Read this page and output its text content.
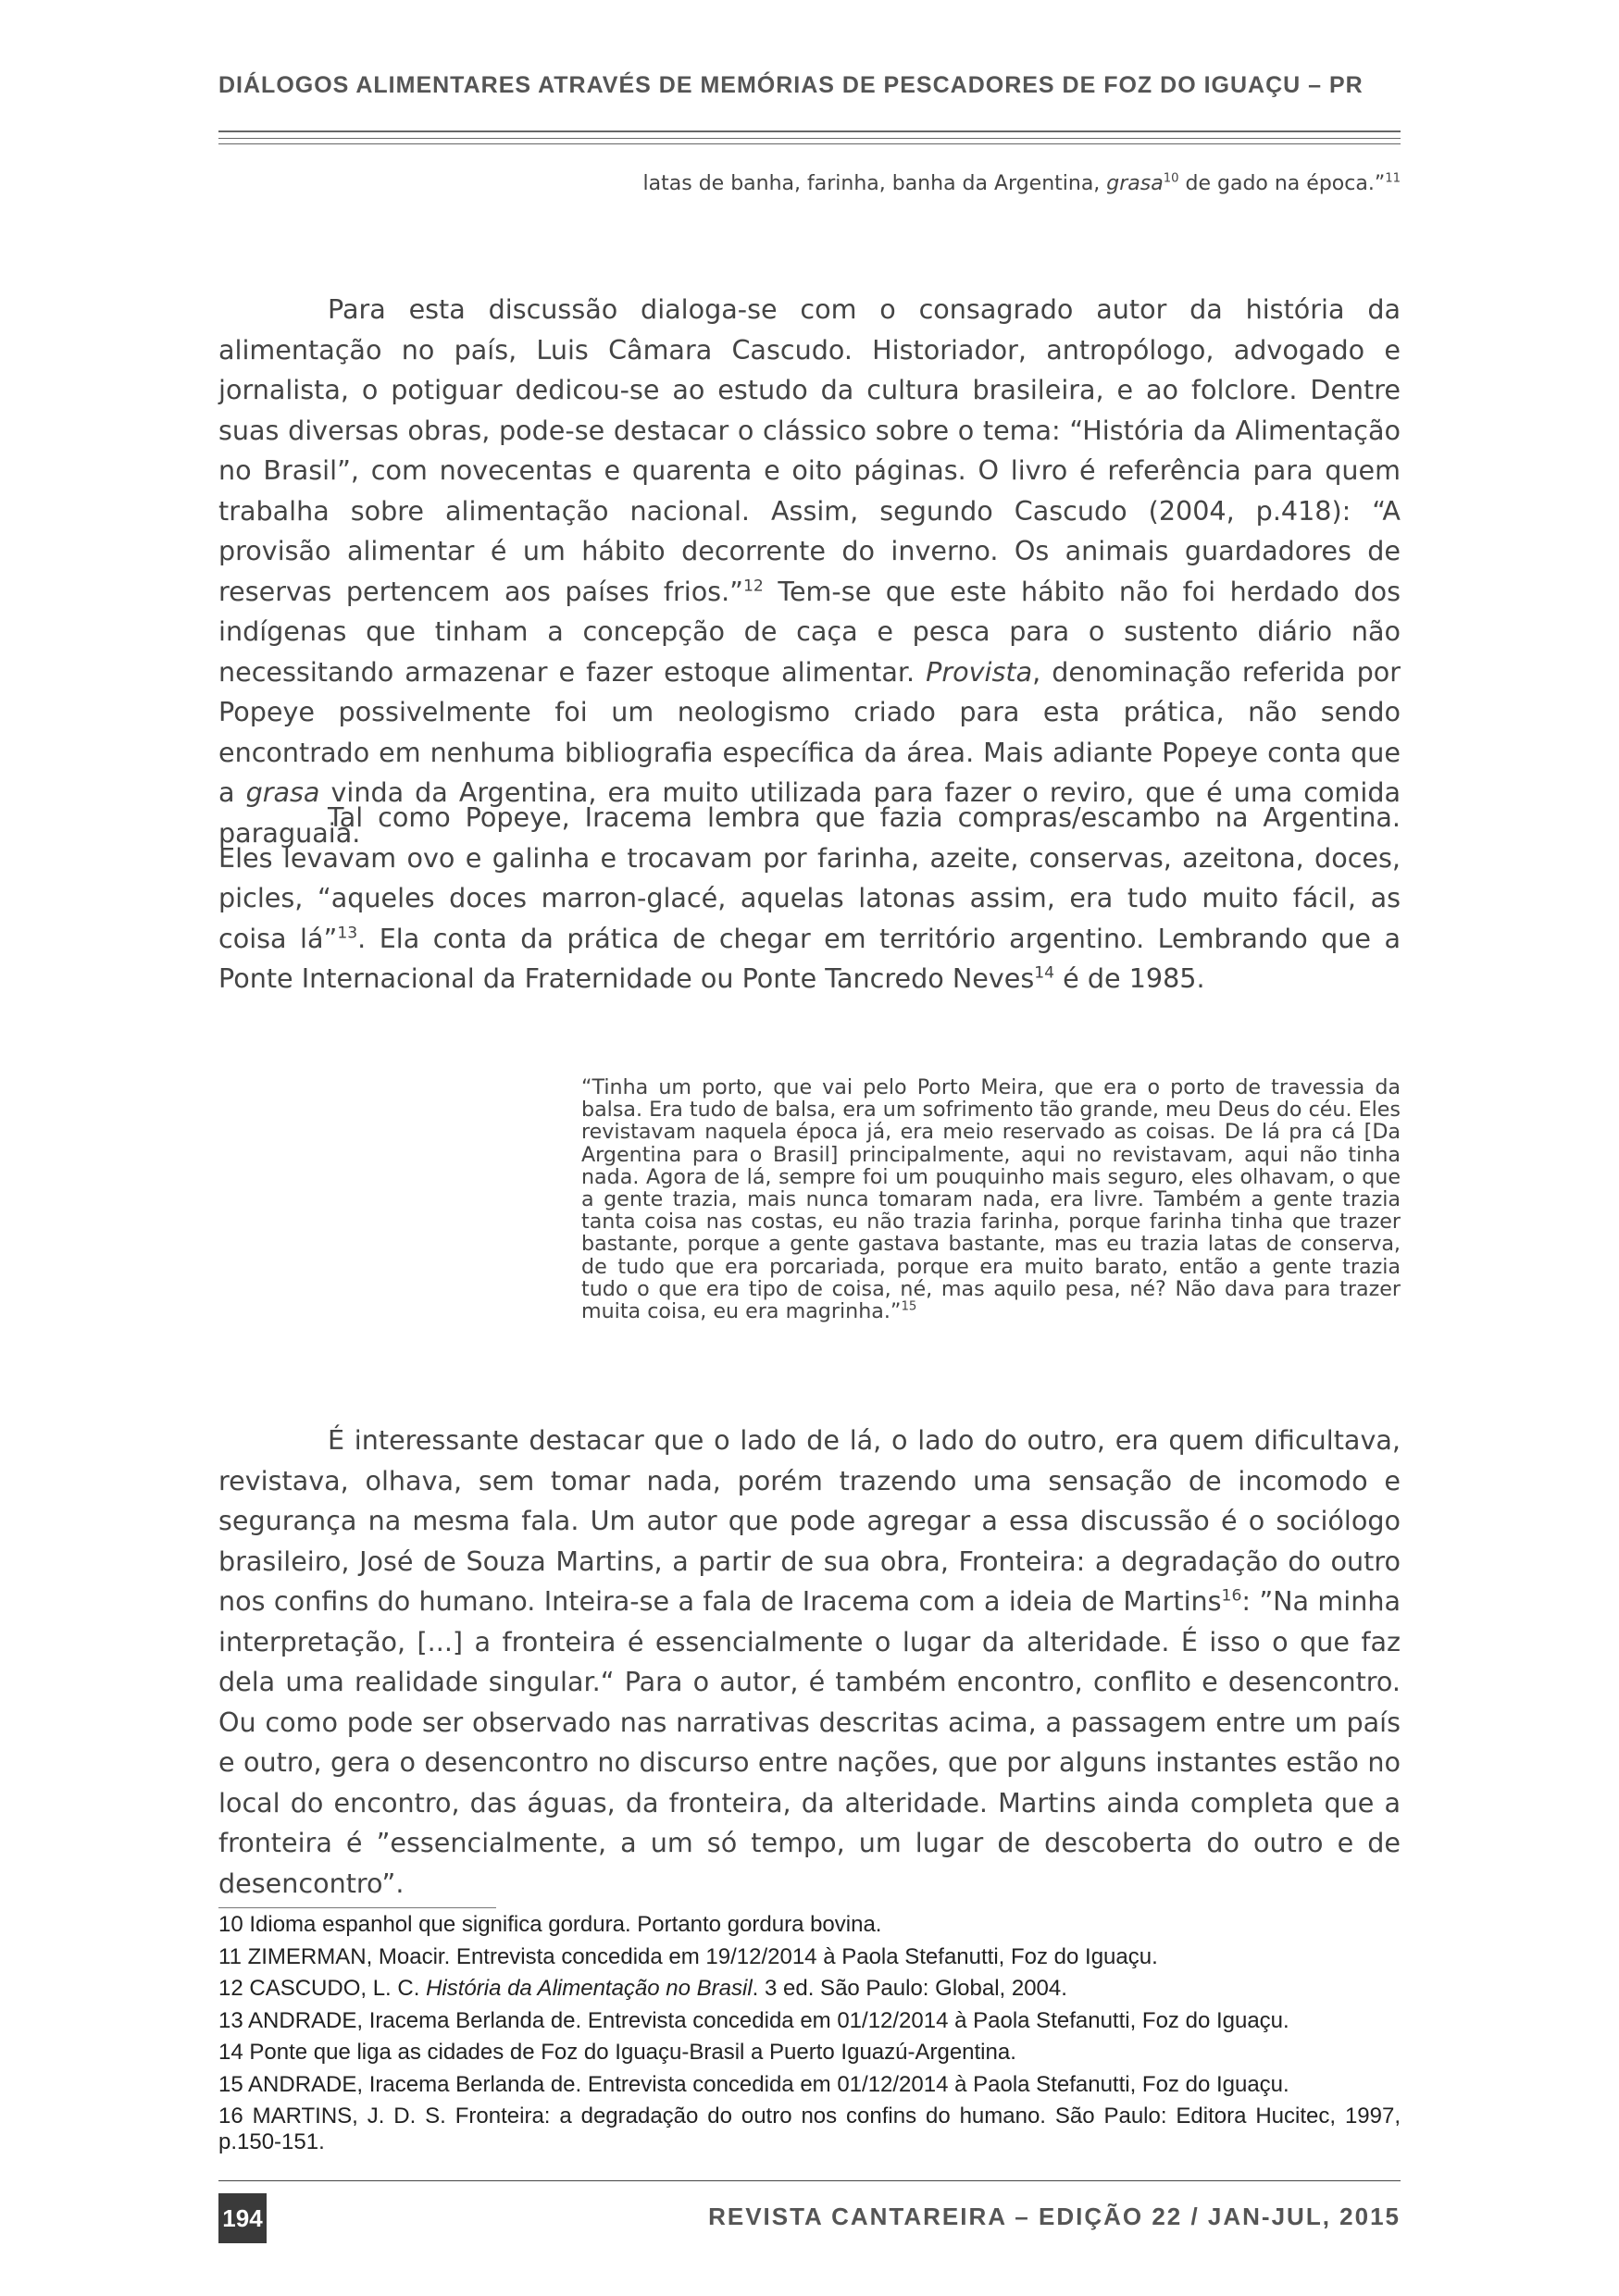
DIÁLOGOS ALIMENTARES ATRAVÉS DE MEMÓRIAS DE PESCADORES DE FOZ DO IGUAÇU – PR
latas de banha, farinha, banha da Argentina, grasa$^{10}$ de gado na época.”$^{11}$

Para esta discussão dialoga-se com o consagrado autor da história da alimentação no país, Luis Câmara Cascudo. Historiador, antropólogo, advogado e jornalista, o potiguar dedicou-se ao estudo da cultura brasileira, e ao folclore. Dentre suas diversas obras, pode-se destacar o clássico sobre o tema: “História da Alimentação no Brasil”, com novecentas e quarenta e oito páginas. O livro é referência para quem trabalha sobre alimentação nacional. Assim, segundo Cascudo (2004, p.418): “A provisão alimentar é um hábito decorrente do inverno. Os animais guardadores de reservas pertencem aos países frios.”$^{12}$ Tem-se que este hábito não foi herdado dos indígenas que tinham a concepção de caça e pesca para o sustento diário não necessitando armazenar e fazer estoque alimentar. Provista, denominação referida por Popeye possivelmente foi um neologismo criado para esta prática, não sendo encontrado em nenhuma bibliografia específica da área. Mais adiante Popeye conta que a grasa vinda da Argentina, era muito utilizada para fazer o reviro, que é uma comida paraguaia.

Tal como Popeye, Iracema lembra que fazia compras/escambo na Argentina. Eles levavam ovo e galinha e trocavam por farinha, azeite, conservas, azeitona, doces, picles, “aqueles doces marron-glacé, aquelas latonas assim, era tudo muito fácil, as coisa lá”$^{13}$. Ela conta da prática de chegar em território argentino. Lembrando que a Ponte Internacional da Fraternidade ou Ponte Tancredo Neves$^{14}$ é de 1985.

“Tinha um porto, que vai pelo Porto Meira, que era o porto de travessia da balsa. Era tudo de balsa, era um sofrimento tão grande, meu Deus do céu. Eles revistavam naquela época já, era meio reservado as coisas. De lá pra cá [Da Argentina para o Brasil] principalmente, aqui no revistavam, aqui não tinha nada. Agora de lá, sempre foi um pouquinho mais seguro, eles olhavam, o que a gente trazia, mais nunca tomaram nada, era livre. Também a gente trazia tanta coisa nas costas, eu não trazia farinha, porque farinha tinha que trazer bastante, porque a gente gastava bastante, mas eu trazia latas de conserva, de tudo que era porcariada, porque era muito barato, então a gente trazia tudo o que era tipo de coisa, né, mas aquilo pesa, né? Não dava para trazer muita coisa, eu era magrinha.”$^{15}$

É interessante destacar que o lado de lá, o lado do outro, era quem dificultava, revistava, olhava, sem tomar nada, porém trazendo uma sensação de incomodo e segurança na mesma fala. Um autor que pode agregar a essa discussão é o sociólogo brasileiro, José de Souza Martins, a partir de sua obra, Fronteira: a degradação do outro nos confins do humano. Inteira-se a fala de Iracema com a ideia de Martins$^{16}$: ”Na minha interpretação, [...] a fronteira é essencialmente o lugar da alteridade. É isso o que faz dela uma realidade singular.“ Para o autor, é também encontro, conflito e desencontro. Ou como pode ser observado nas narrativas descritas acima, a passagem entre um país e outro, gera o desencontro no discurso entre nações, que por alguns instantes estão no local do encontro, das águas, da fronteira, da alteridade. Martins ainda completa que a fronteira é ”essencialmente, a um só tempo, um lugar de descoberta do outro e de desencontro”.

10 Idioma espanhol que significa gordura. Portanto gordura bovina.
11 ZIMERMAN, Moacir. Entrevista concedida em 19/12/2014 à Paola Stefanutti, Foz do Iguaçu.
12 CASCUDO, L. C. História da Alimentação no Brasil. 3 ed. São Paulo: Global, 2004.
13 ANDRADE, Iracema Berlanda de. Entrevista concedida em 01/12/2014 à Paola Stefanutti, Foz do Iguaçu.
14 Ponte que liga as cidades de Foz do Iguaçu-Brasil a Puerto Iguazú-Argentina.
15 ANDRADE, Iracema Berlanda de. Entrevista concedida em 01/12/2014 à Paola Stefanutti, Foz do Iguaçu.
16 MARTINS, J. D. S. Fronteira: a degradação do outro nos confins do humano. São Paulo: Editora Hucitec, 1997, p.150-151.
194	REVISTA CANTAREIRA – EDIÇÃO 22 / JAN-JUL, 2015
